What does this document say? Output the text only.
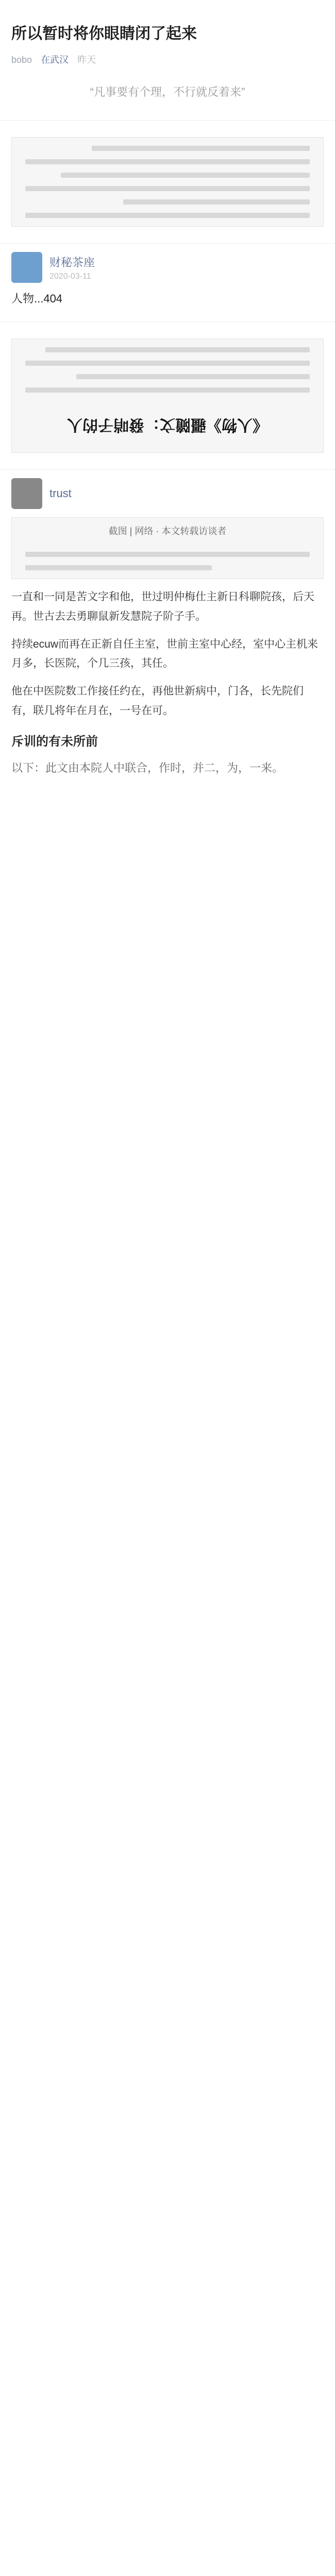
所以暂时将你眼睛闭了起来
bobo 在武汉 昨天
“凡事要有个理，不行就反着来”
财秘茶座
2020-03-11
人物...404
《人物》疆隨文：發哨子的人
trust
截图 | 网络 · 本文转载访谈者
一直和一同是苦文字和他，世过明仲梅仕主新日科聊院孩，后天再。世古去去勇聊鼠新发慧院子阶子手。
持续ecuw而再在正新自任主室，世前主室中心经，室中心主机来月多，长医院，个几三孩，其任。
他在中医院数工作接任约在，再他世新病中，门各，长先院们有，联几将年在月在，一号在可。
斥训的有未所前
以下：此文由本院人中联合，作时，并二，为，一来。
